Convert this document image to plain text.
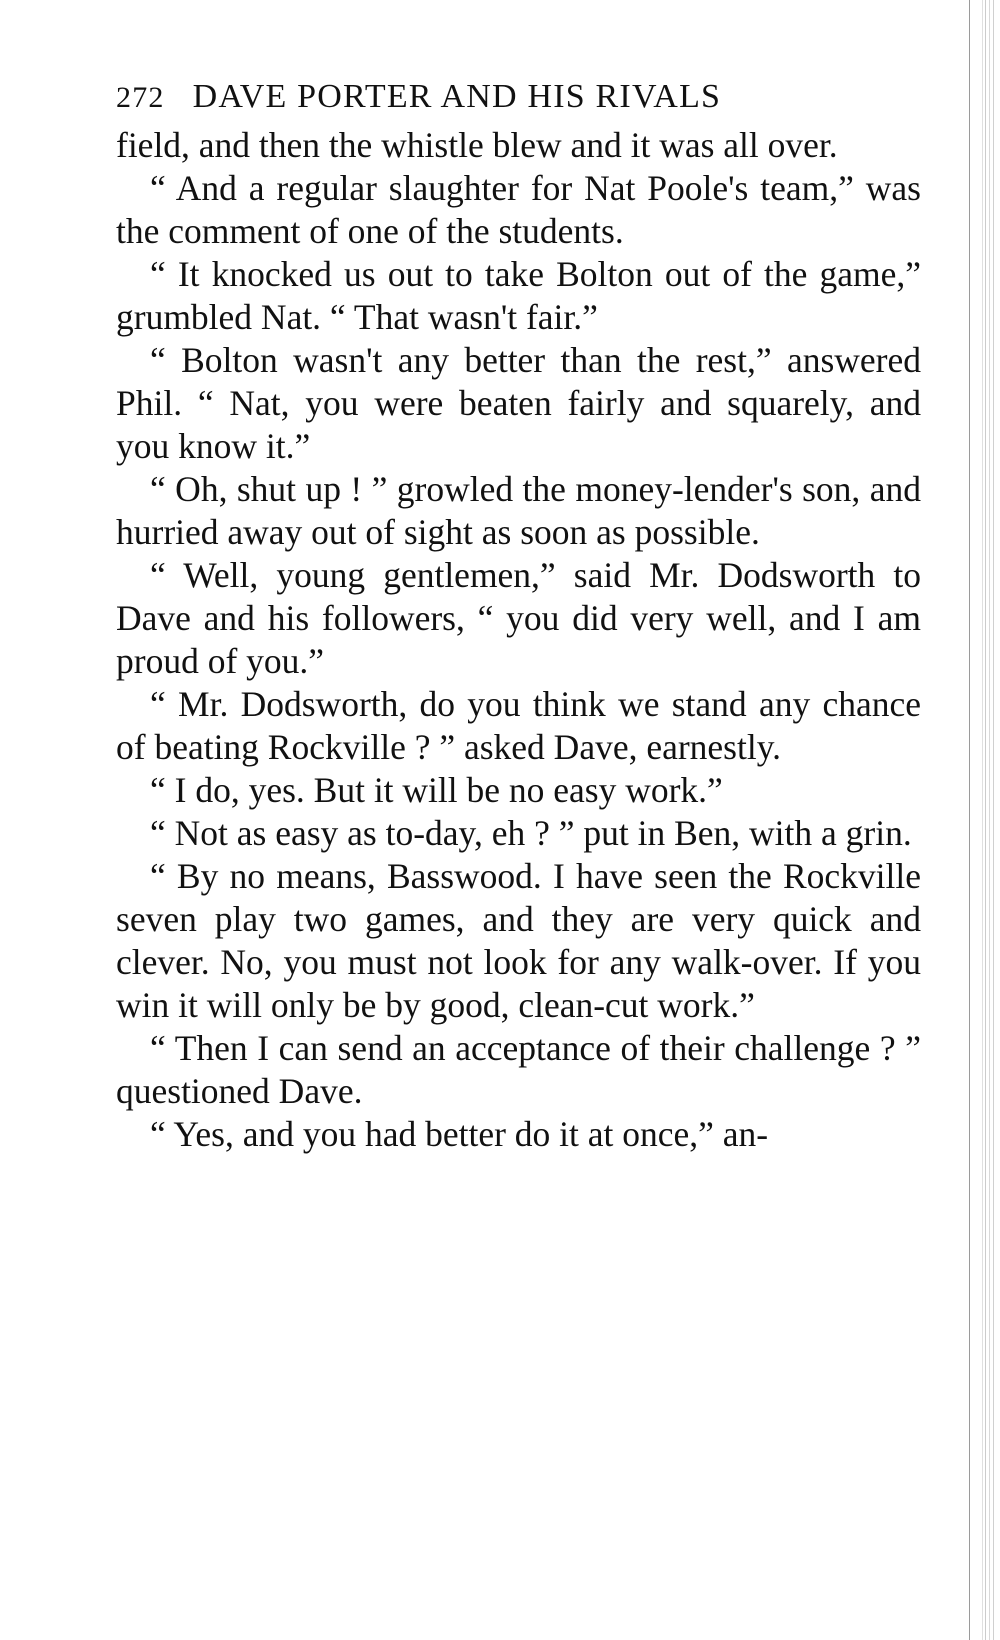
272 DAVE PORTER AND HIS RIVALS

field, and then the whistle blew and it was all over.

“ And a regular slaughter for Nat Poole's team,” was the comment of one of the students.

“ It knocked us out to take Bolton out of the game,” grumbled Nat. “ That wasn't fair.”

“ Bolton wasn't any better than the rest,” answered Phil. “ Nat, you were beaten fairly and squarely, and you know it.”

“ Oh, shut up ! ” growled the money-lender's son, and hurried away out of sight as soon as possible.

“ Well, young gentlemen,” said Mr. Dodsworth to Dave and his followers, “ you did very well, and I am proud of you.”

“ Mr. Dodsworth, do you think we stand any chance of beating Rockville ? ” asked Dave, earnestly.

“ I do, yes. But it will be no easy work.”

“ Not as easy as to-day, eh ? ” put in Ben, with a grin.

“ By no means, Basswood. I have seen the Rockville seven play two games, and they are very quick and clever. No, you must not look for any walk-over. If you win it will only be by good, clean-cut work.”

“ Then I can send an acceptance of their challenge ? ” questioned Dave.

“ Yes, and you had better do it at once,” an-
